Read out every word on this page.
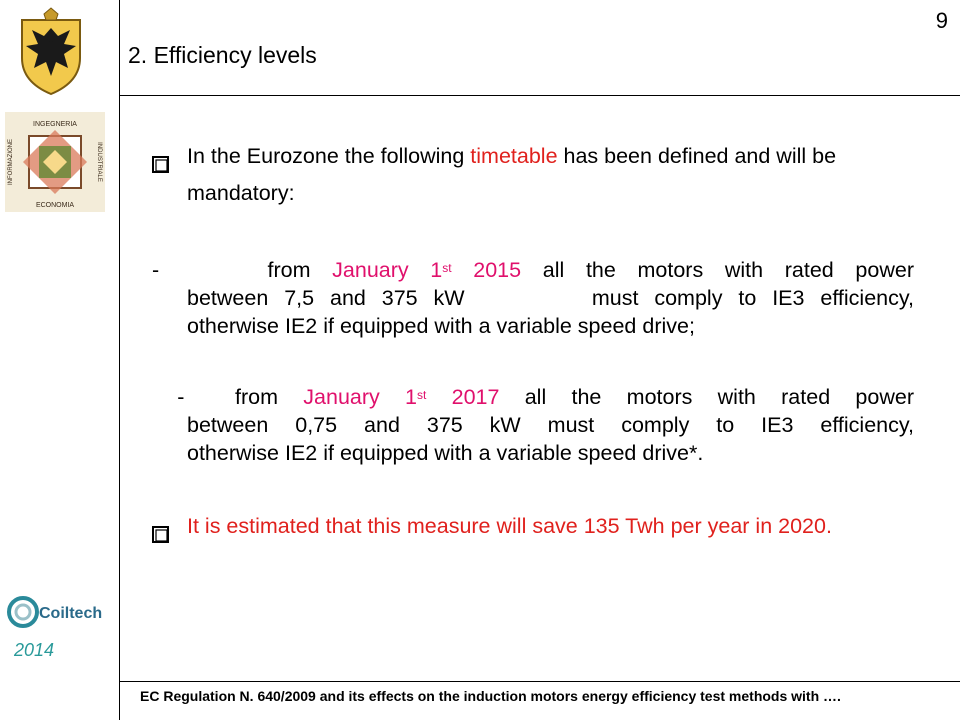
9
2. Efficiency levels
INGEGNERIA
ECONOMIA
INFORMAZIONE	INDUSTRIALE
Coiltech
2014
In the Eurozone the following timetable has been defined and will be mandatory:
-	from January 1st 2015 all the motors with rated power
between 7,5 and 375 kW        must comply to IE3 efficiency,
otherwise IE2 if equipped with a variable speed drive;
- from January 1st 2017 all the motors with rated power
between 0,75 and 375 kW must comply to IE3 efficiency,
otherwise IE2 if equipped with a variable speed drive*.
It is estimated that this measure will save 135 Twh per year in 2020.
EC Regulation N. 640/2009 and its effects on the induction motors energy efficiency test methods with ….
